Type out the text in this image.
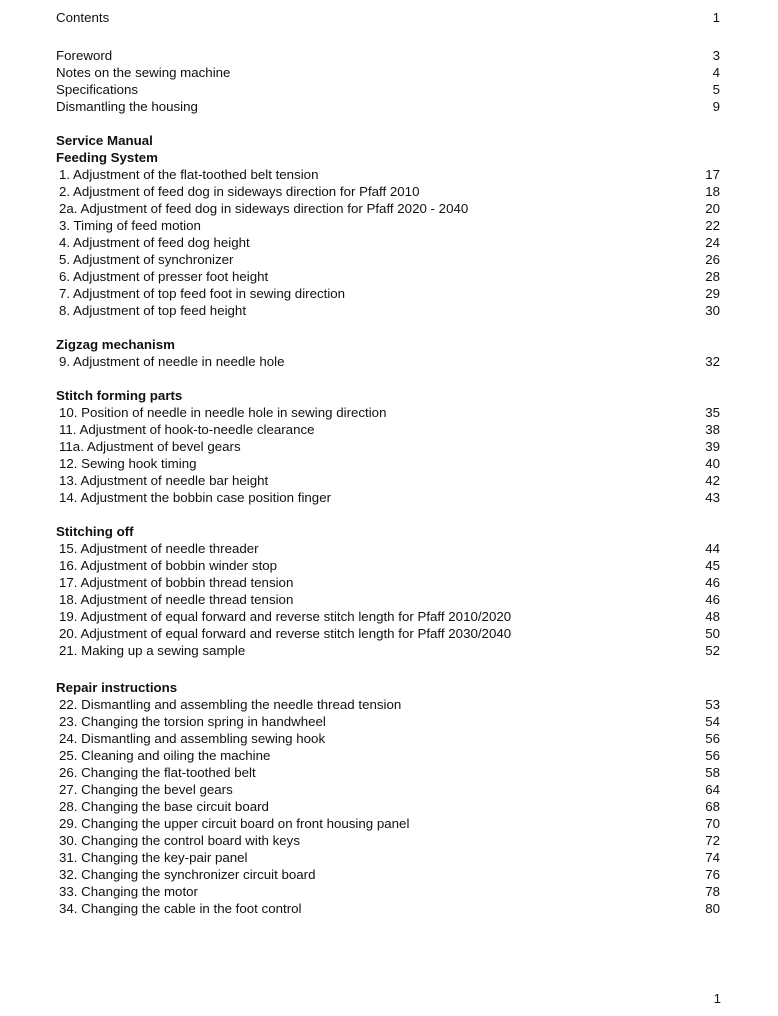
Contents	1
Foreword	3
Notes on the sewing machine	4
Specifications	5
Dismantling the housing	9
Service Manual
Feeding System
1. Adjustment of the flat-toothed belt tension	17
2. Adjustment of feed dog in sideways direction for Pfaff 2010	18
2a. Adjustment of feed dog in sideways direction for Pfaff 2020 - 2040	20
3. Timing of feed motion	22
4. Adjustment of feed dog height	24
5. Adjustment of synchronizer	26
6. Adjustment of presser foot height	28
7. Adjustment of top feed foot in sewing direction	29
8. Adjustment of top feed height	30
Zigzag mechanism
9. Adjustment of needle in needle hole	32
Stitch forming parts
10. Position of needle in needle hole in sewing direction	35
11. Adjustment of hook-to-needle clearance	38
11a. Adjustment of bevel gears	39
12. Sewing hook timing	40
13. Adjustment of needle bar height	42
14. Adjustment the bobbin case position finger	43
Stitching off
15. Adjustment of needle threader	44
16. Adjustment of bobbin winder stop	45
17. Adjustment of bobbin thread tension	46
18. Adjustment of needle thread tension	46
19. Adjustment of equal forward and reverse stitch length for Pfaff 2010/2020	48
20. Adjustment of equal forward and reverse stitch length for Pfaff 2030/2040	50
21. Making up a sewing sample	52
Repair instructions
22. Dismantling and assembling the needle thread tension	53
23. Changing the torsion spring in handwheel	54
24. Dismantling and assembling sewing hook	56
25. Cleaning and oiling the machine	56
26. Changing the flat-toothed belt	58
27. Changing the bevel gears	64
28. Changing the base circuit board	68
29. Changing the upper circuit board on front housing panel	70
30. Changing the control board with keys	72
31. Changing the key-pair panel	74
32. Changing the synchronizer circuit board	76
33. Changing the motor	78
34. Changing the cable in the foot control	80
1
